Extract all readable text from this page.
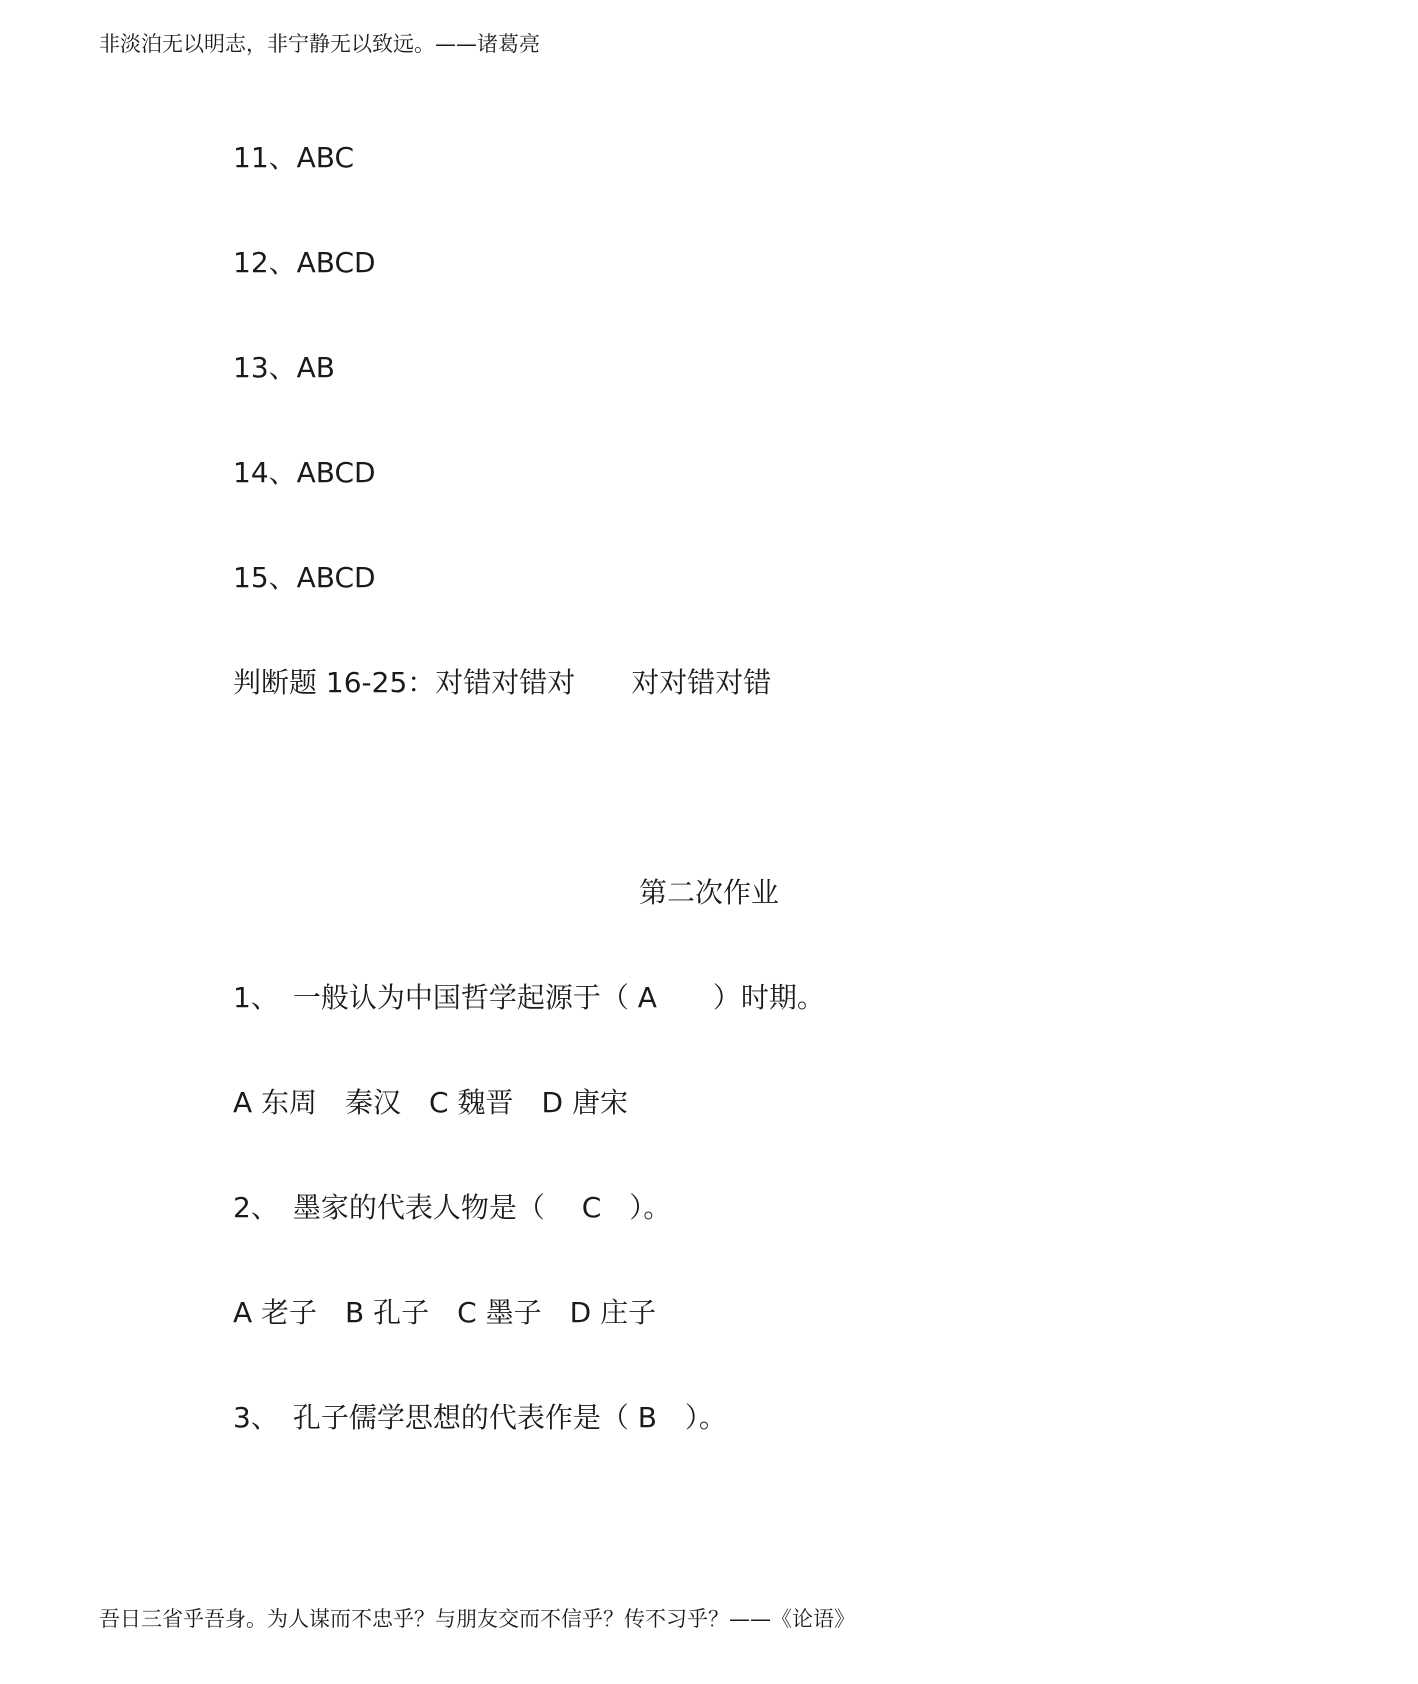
非淡泊无以明志，非宁静无以致远。——诸葛亮
11、ABC
12、ABCD
13、AB
14、ABCD
15、ABCD
判断题 16-25：对错对错对　　对对错对错
第二次作业
1、　一般认为中国哲学起源于（ A　　）时期。
A 东周　秦汉　C 魏晋　D 唐宋
2、　墨家的代表人物是（　 C　）。
A 老子　B 孔子　C 墨子　D 庄子
3、　孔子儒学思想的代表作是（ B　）。
吾日三省乎吾身。为人谋而不忠乎？与朋友交而不信乎？传不习乎？——《论语》
